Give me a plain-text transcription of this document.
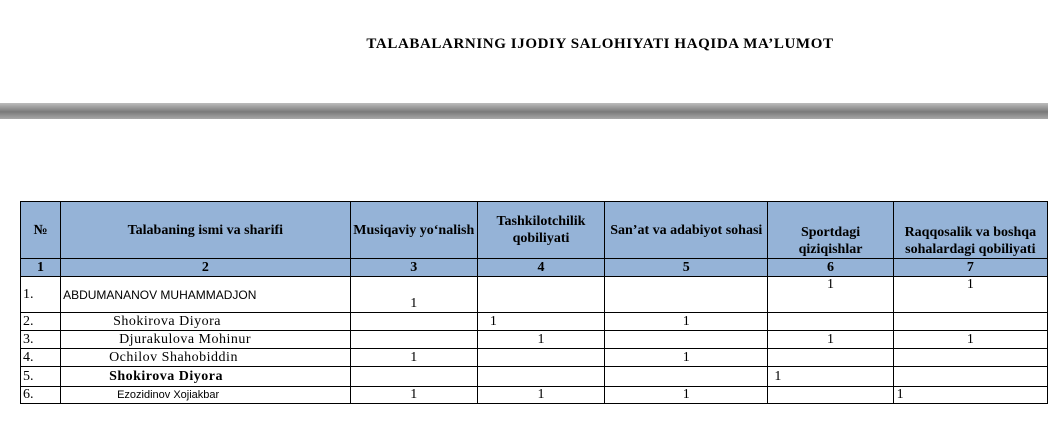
TALABALARNING IJODIY SALOHIYATI HAQIDA MA’LUMOT
№	Talabaning ismi va sharifi	Musiqaviy yo‘nalish	Tashkilotchilik qobiliyati	San’at va adabiyot sohasi	Sportdagi qiziqishlar	Raqqosalik va boshqa sohalardagi qobiliyati
1	2	3	4	5	6	7
1.	ABDUMANANOV MUHAMMADJON	1			1	1
2.	Shokirova Diyora		1	1		
3.	Djurakulova Mohinur		1		1	1
4.	Ochilov Shahobiddin	1		1		
5.	Shokirova Diyora				1	
6.	Ezozidinov Xojiakbar	1	1	1		1
